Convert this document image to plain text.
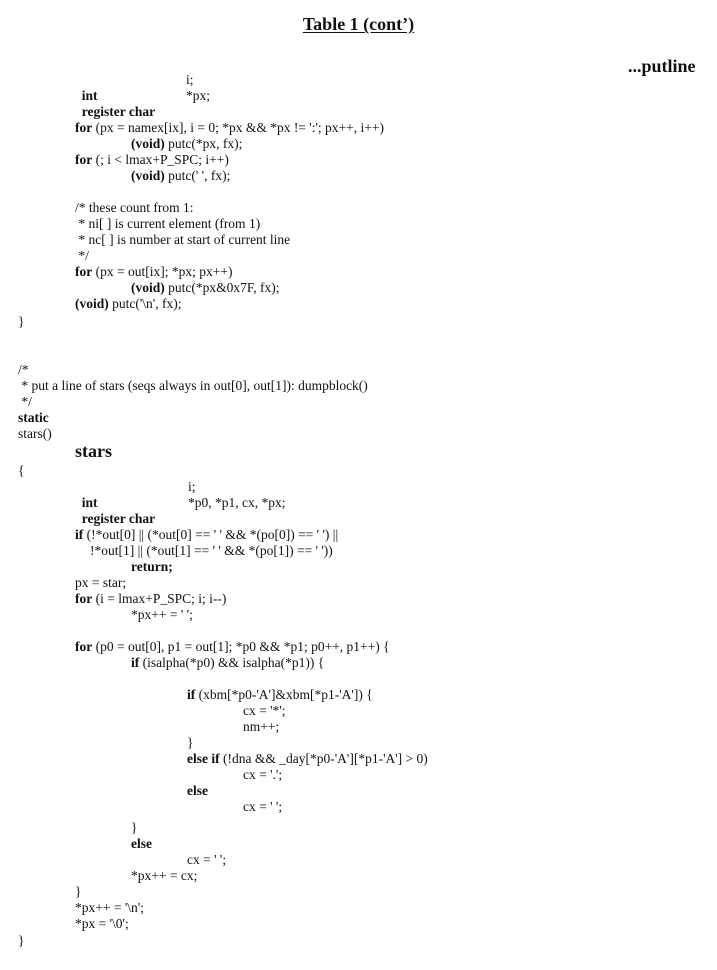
Table 1 (cont’)
...putline

int

i;

register char

*px;

for (px = namex[ix], i = 0; *px && *px != ':'; px++, i++)
(void) putc(*px, fx);
for (; i < lmax+P_SPC; i++)
(void) putc(' ', fx);
/* these count from 1:
* ni[ ] is current element (from 1)
* nc[ ] is number at start of current line
*/
for (px = out[ix]; *px; px++)
(void) putc(*px&0x7F, fx);
(void) putc('\n', fx);
}
/*
* put a line of stars (seqs always in out[0], out[1]): dumpblock()
*/
static
stars()
stars
{

int

i;

register char

*p0, *p1, cx, *px;

if (!*out[0] || (*out[0] == ' ' && *(po[0]) == ' ') ||
!*out[1] || (*out[1] == ' ' && *(po[1]) == ' '))
return;
px = star;
for (i = lmax+P_SPC; i; i--)
*px++ = ' ';
for (p0 = out[0], p1 = out[1]; *p0 && *p1; p0++, p1++) {
if (isalpha(*p0) && isalpha(*p1)) {
if (xbm[*p0-'A']&xbm[*p1-'A']) {
cx = '*';
nm++;
}
else if (!dna && _day[*p0-'A'][*p1-'A'] > 0)
cx = '.';
else
cx = ' ';
}
else
cx = ' ';
*px++ = cx;
}
*px++ = '\n';
*px = '\0';
}
